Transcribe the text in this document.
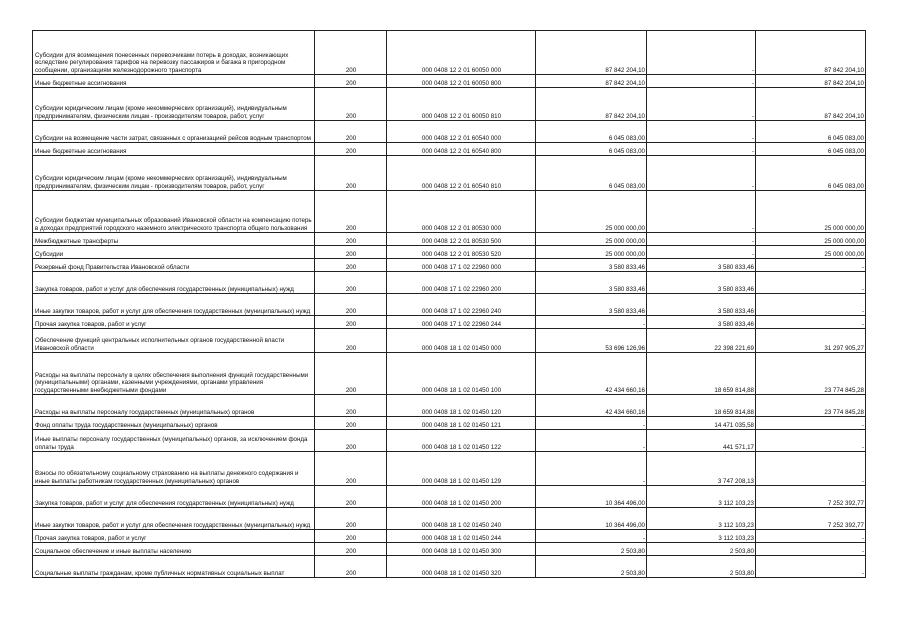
Субсидии для возмещения понесенных перевозчиками потерь в доходах, возникающих вследствие регулирования тарифов на перевозку пассажиров и багажа в пригородном сообщении, организациям железнодорожного транспорта	200	000 0408 12 2 01 60050 000	87 842 204,10	-	87 842 204,10
Иные бюджетные ассигнования	200	000 0408 12 2 01 60050 800	87 842 204,10	-	87 842 204,10
Субсидии юридическим лицам (кроме некоммерческих организаций), индивидуальным предпринимателям, физическим лицам - производителям товаров, работ, услуг	200	000 0408 12 2 01 60050 810	87 842 204,10	-	87 842 204,10
Субсидии на возмещение части затрат, связанных с организацией рейсов водным транспортом	200	000 0408 12 2 01 60540 000	6 045 083,00	-	6 045 083,00
Иные бюджетные ассигнования	200	000 0408 12 2 01 60540 800	6 045 083,00	-	6 045 083,00
Субсидии юридическим лицам (кроме некоммерческих организаций), индивидуальным предпринимателям, физическим лицам - производителям товаров, работ, услуг	200	000 0408 12 2 01 60540 810	6 045 083,00	-	6 045 083,00
Субсидии бюджетам муниципальных образований Ивановской области на компенсацию потерь в доходах предприятий городского наземного электрического транспорта общего пользования	200	000 0408 12 2 01 80530 000	25 000 000,00	-	25 000 000,00
Межбюджетные трансферты	200	000 0408 12 2 01 80530 500	25 000 000,00	-	25 000 000,00
Субсидии	200	000 0408 12 2 01 80530 520	25 000 000,00	-	25 000 000,00
Резервный фонд Правительства Ивановской области	200	000 0408 17 1 02 22960 000	3 580 833,46	3 580 833,46	-
Закупка товаров, работ и услуг для обеспечения государственных (муниципальных) нужд	200	000 0408 17 1 02 22960 200	3 580 833,46	3 580 833,46	-
Иные закупки товаров, работ и услуг для обеспечения государственных (муниципальных) нужд	200	000 0408 17 1 02 22960 240	3 580 833,46	3 580 833,46	-
Прочая закупка товаров, работ и услуг	200	000 0408 17 1 02 22960 244	-	3 580 833,46	-
Обеспечение функций центральных исполнительных органов государственной власти Ивановской области	200	000 0408 18 1 02 01450 000	53 696 126,96	22 398 221,69	31 297 905,27
Расходы на выплаты персоналу в целях обеспечения выполнения функций государственными (муниципальными) органами, казенными учреждениями, органами управления государственными внебюджетными фондами	200	000 0408 18 1 02 01450 100	42 434 660,16	18 659 814,88	23 774 845,28
Расходы на выплаты персоналу государственных (муниципальных) органов	200	000 0408 18 1 02 01450 120	42 434 660,16	18 659 814,88	23 774 845,28
Фонд оплаты труда государственных (муниципальных) органов	200	000 0408 18 1 02 01450 121	-	14 471 035,58	-
Иные выплаты персоналу государственных (муниципальных) органов, за исключением фонда оплаты труда	200	000 0408 18 1 02 01450 122	-	441 571,17	-
Взносы по обязательному социальному страхованию на выплаты денежного содержания и иные выплаты работникам государственных (муниципальных) органов	200	000 0408 18 1 02 01450 129	-	3 747 208,13	-
Закупка товаров, работ и услуг для обеспечения государственных (муниципальных) нужд	200	000 0408 18 1 02 01450 200	10 364 496,00	3 112 103,23	7 252 392,77
Иные закупки товаров, работ и услуг для обеспечения государственных (муниципальных) нужд	200	000 0408 18 1 02 01450 240	10 364 496,00	3 112 103,23	7 252 392,77
Прочая закупка товаров, работ и услуг	200	000 0408 18 1 02 01450 244	-	3 112 103,23	-
Социальное обеспечение и иные выплаты населению	200	000 0408 18 1 02 01450 300	2 503,80	2 503,80	-
Социальные выплаты гражданам, кроме публичных нормативных социальных выплат	200	000 0408 18 1 02 01450 320	2 503,80	2 503,80	-
